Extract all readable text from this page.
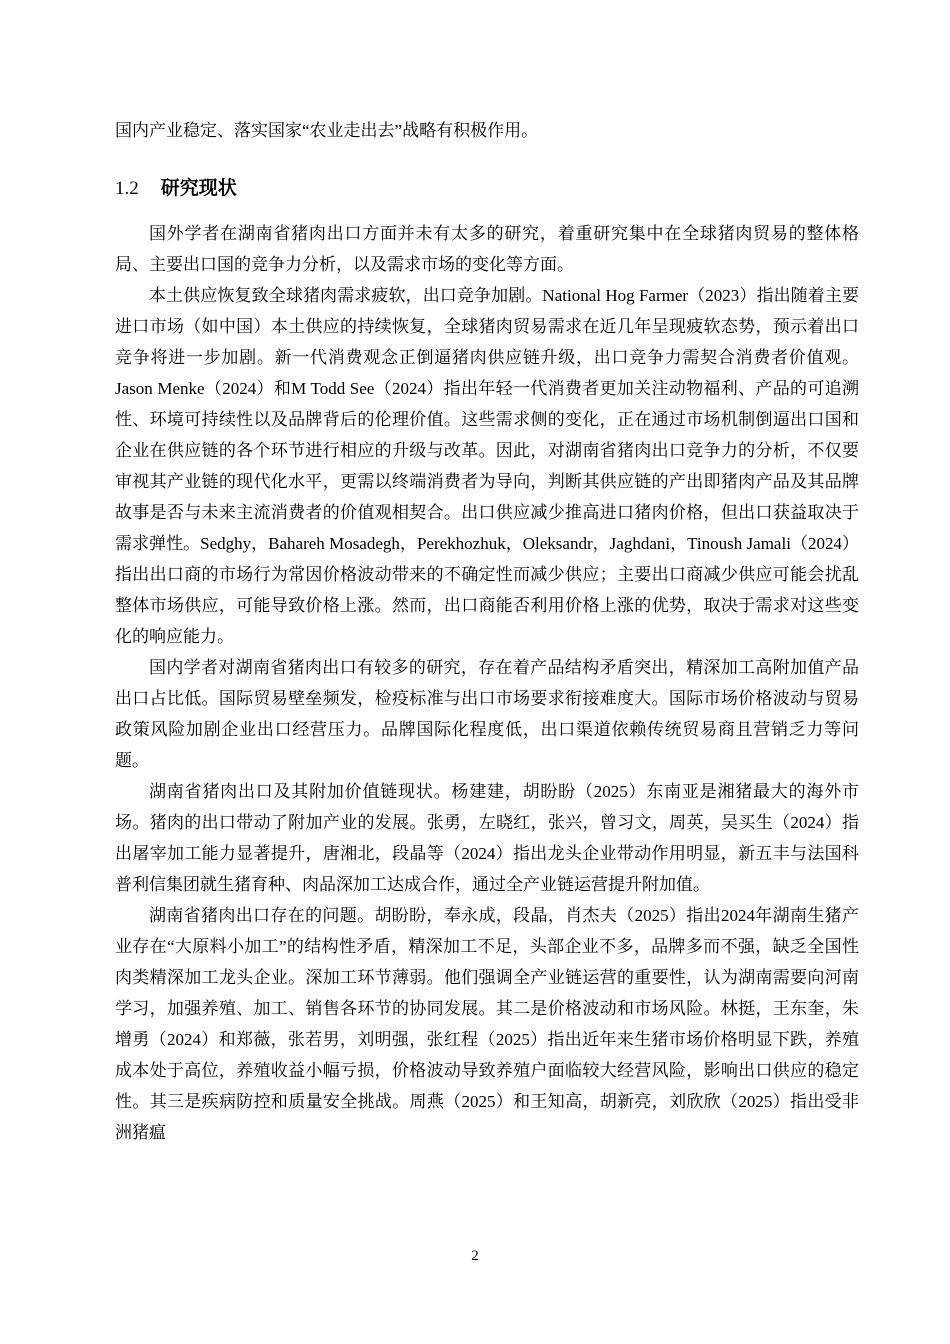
国内产业稳定、落实国家“农业走出去”战略有积极作用。

1.2 研究现状

国外学者在湖南省猪肉出口方面并未有太多的研究，着重研究集中在全球猪肉贸易的整体格局、主要出口国的竞争力分析，以及需求市场的变化等方面。

本土供应恢复致全球猪肉需求疲软，出口竞争加剧。National Hog Farmer（2023）指出随着主要进口市场（如中国）本土供应的持续恢复，全球猪肉贸易需求在近几年呈现疲软态势，预示着出口竞争将进一步加剧。新一代消费观念正倒逼猪肉供应链升级，出口竞争力需契合消费者价值观。Jason Menke（2024）和M Todd See（2024）指出年轻一代消费者更加关注动物福利、产品的可追溯性、环境可持续性以及品牌背后的伦理价值。这些需求侧的变化，正在通过市场机制倒逼出口国和企业在供应链的各个环节进行相应的升级与改革。因此，对湖南省猪肉出口竞争力的分析，不仅要审视其产业链的现代化水平，更需以终端消费者为导向，判断其供应链的产出即猪肉产品及其品牌故事是否与未来主流消费者的价值观相契合。出口供应减少推高进口猪肉价格，但出口获益取决于需求弹性。Sedghy，Bahareh Mosadegh，Perekhozhuk，Oleksandr，Jaghdani，Tinoush Jamali（2024）指出出口商的市场行为常因价格波动带来的不确定性而减少供应；主要出口商减少供应可能会扰乱整体市场供应，可能导致价格上涨。然而，出口商能否利用价格上涨的优势，取决于需求对这些变化的响应能力。

国内学者对湖南省猪肉出口有较多的研究，存在着产品结构矛盾突出，精深加工高附加值产品出口占比低。国际贸易壁垒频发，检疫标准与出口市场要求衔接难度大。国际市场价格波动与贸易政策风险加剧企业出口经营压力。品牌国际化程度低，出口渠道依赖传统贸易商且营销乏力等问题。

湖南省猪肉出口及其附加价值链现状。杨建建，胡盼盼（2025）东南亚是湘猪最大的海外市场。猪肉的出口带动了附加产业的发展。张勇，左晓红，张兴，曾习文，周英，吴买生（2024）指出屠宰加工能力显著提升，唐湘北，段晶等（2024）指出龙头企业带动作用明显，新五丰与法国科普利信集团就生猪育种、肉品深加工达成合作，通过全产业链运营提升附加值。

湖南省猪肉出口存在的问题。胡盼盼，奉永成，段晶，肖杰夫（2025）指出2024年湖南生猪产业存在“大原料小加工”的结构性矛盾，精深加工不足，头部企业不多，品牌多而不强，缺乏全国性肉类精深加工龙头企业。深加工环节薄弱。他们强调全产业链运营的重要性，认为湖南需要向河南学习，加强养殖、加工、销售各环节的协同发展。其二是价格波动和市场风险。林挺，王东奎，朱增勇（2024）和郑薇，张若男，刘明强，张红程（2025）指出近年来生猪市场价格明显下跌，养殖成本处于高位，养殖收益小幅亏损，价格波动导致养殖户面临较大经营风险，影响出口供应的稳定性。其三是疾病防控和质量安全挑战。周燕（2025）和王知高，胡新亮，刘欣欣（2025）指出受非洲猪瘟

2
